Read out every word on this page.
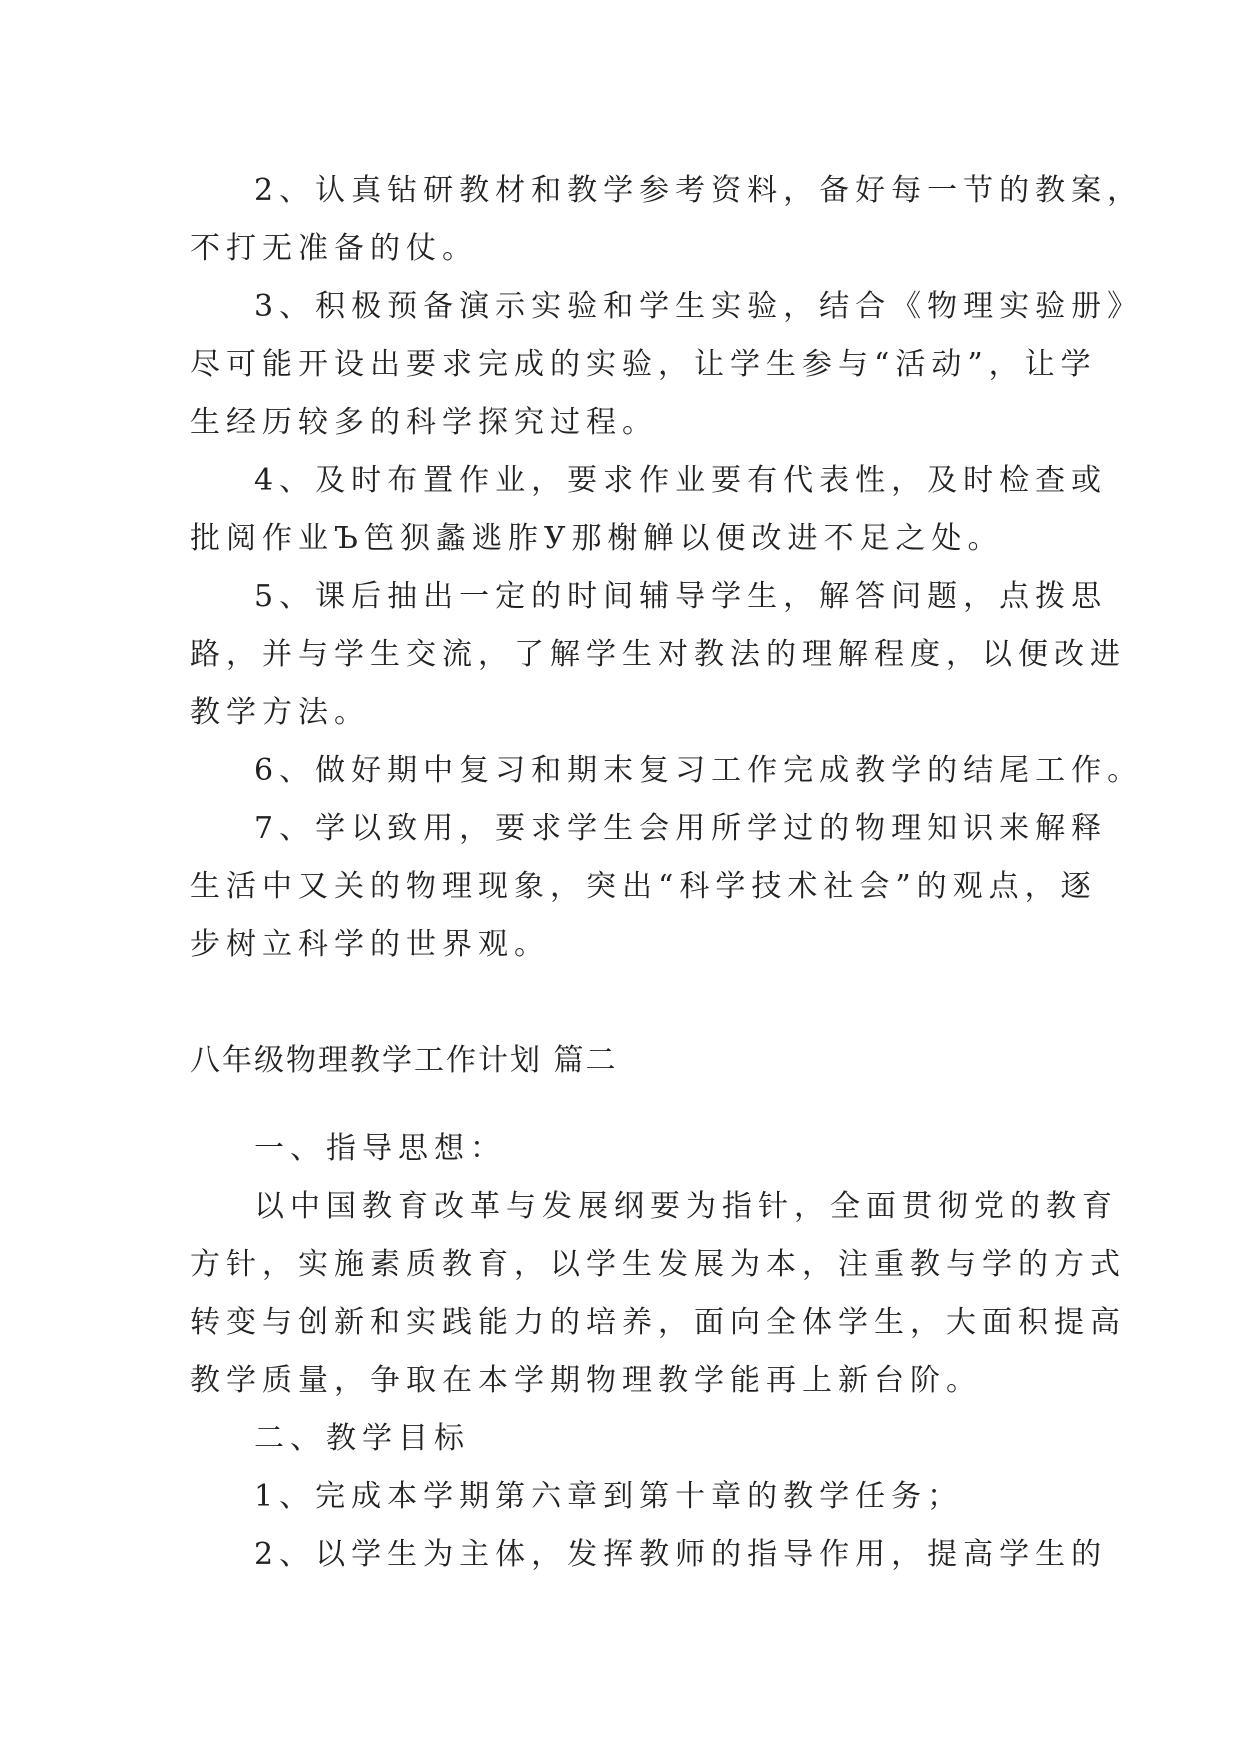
2、认真钻研教材和教学参考资料，备好每一节的教案，

不打无准备的仗。

3、积极预备演示实验和学生实验，结合《物理实验册》

尽可能开设出要求完成的实验，让学生参与“活动”，让学

生经历较多的科学探究过程。

4、及时布置作业，要求作业要有代表性，及时检查或

批阅作业Ъ笆狈蠡逃胙У那榭觯以便改进不足之处。

5、课后抽出一定的时间辅导学生，解答问题，点拨思

路，并与学生交流，了解学生对教法的理解程度，以便改进

教学方法。

6、做好期中复习和期末复习工作完成教学的结尾工作。

7、学以致用，要求学生会用所学过的物理知识来解释

生活中又关的物理现象，突出“科学技术社会”的观点，逐

步树立科学的世界观。

八年级物理教学工作计划 篇二

一、指导思想：

以中国教育改革与发展纲要为指针，全面贯彻党的教育

方针，实施素质教育，以学生发展为本，注重教与学的方式

转变与创新和实践能力的培养，面向全体学生，大面积提高

教学质量，争取在本学期物理教学能再上新台阶。

二、教学目标

1、完成本学期第六章到第十章的教学任务；

2、以学生为主体，发挥教师的指导作用，提高学生的
